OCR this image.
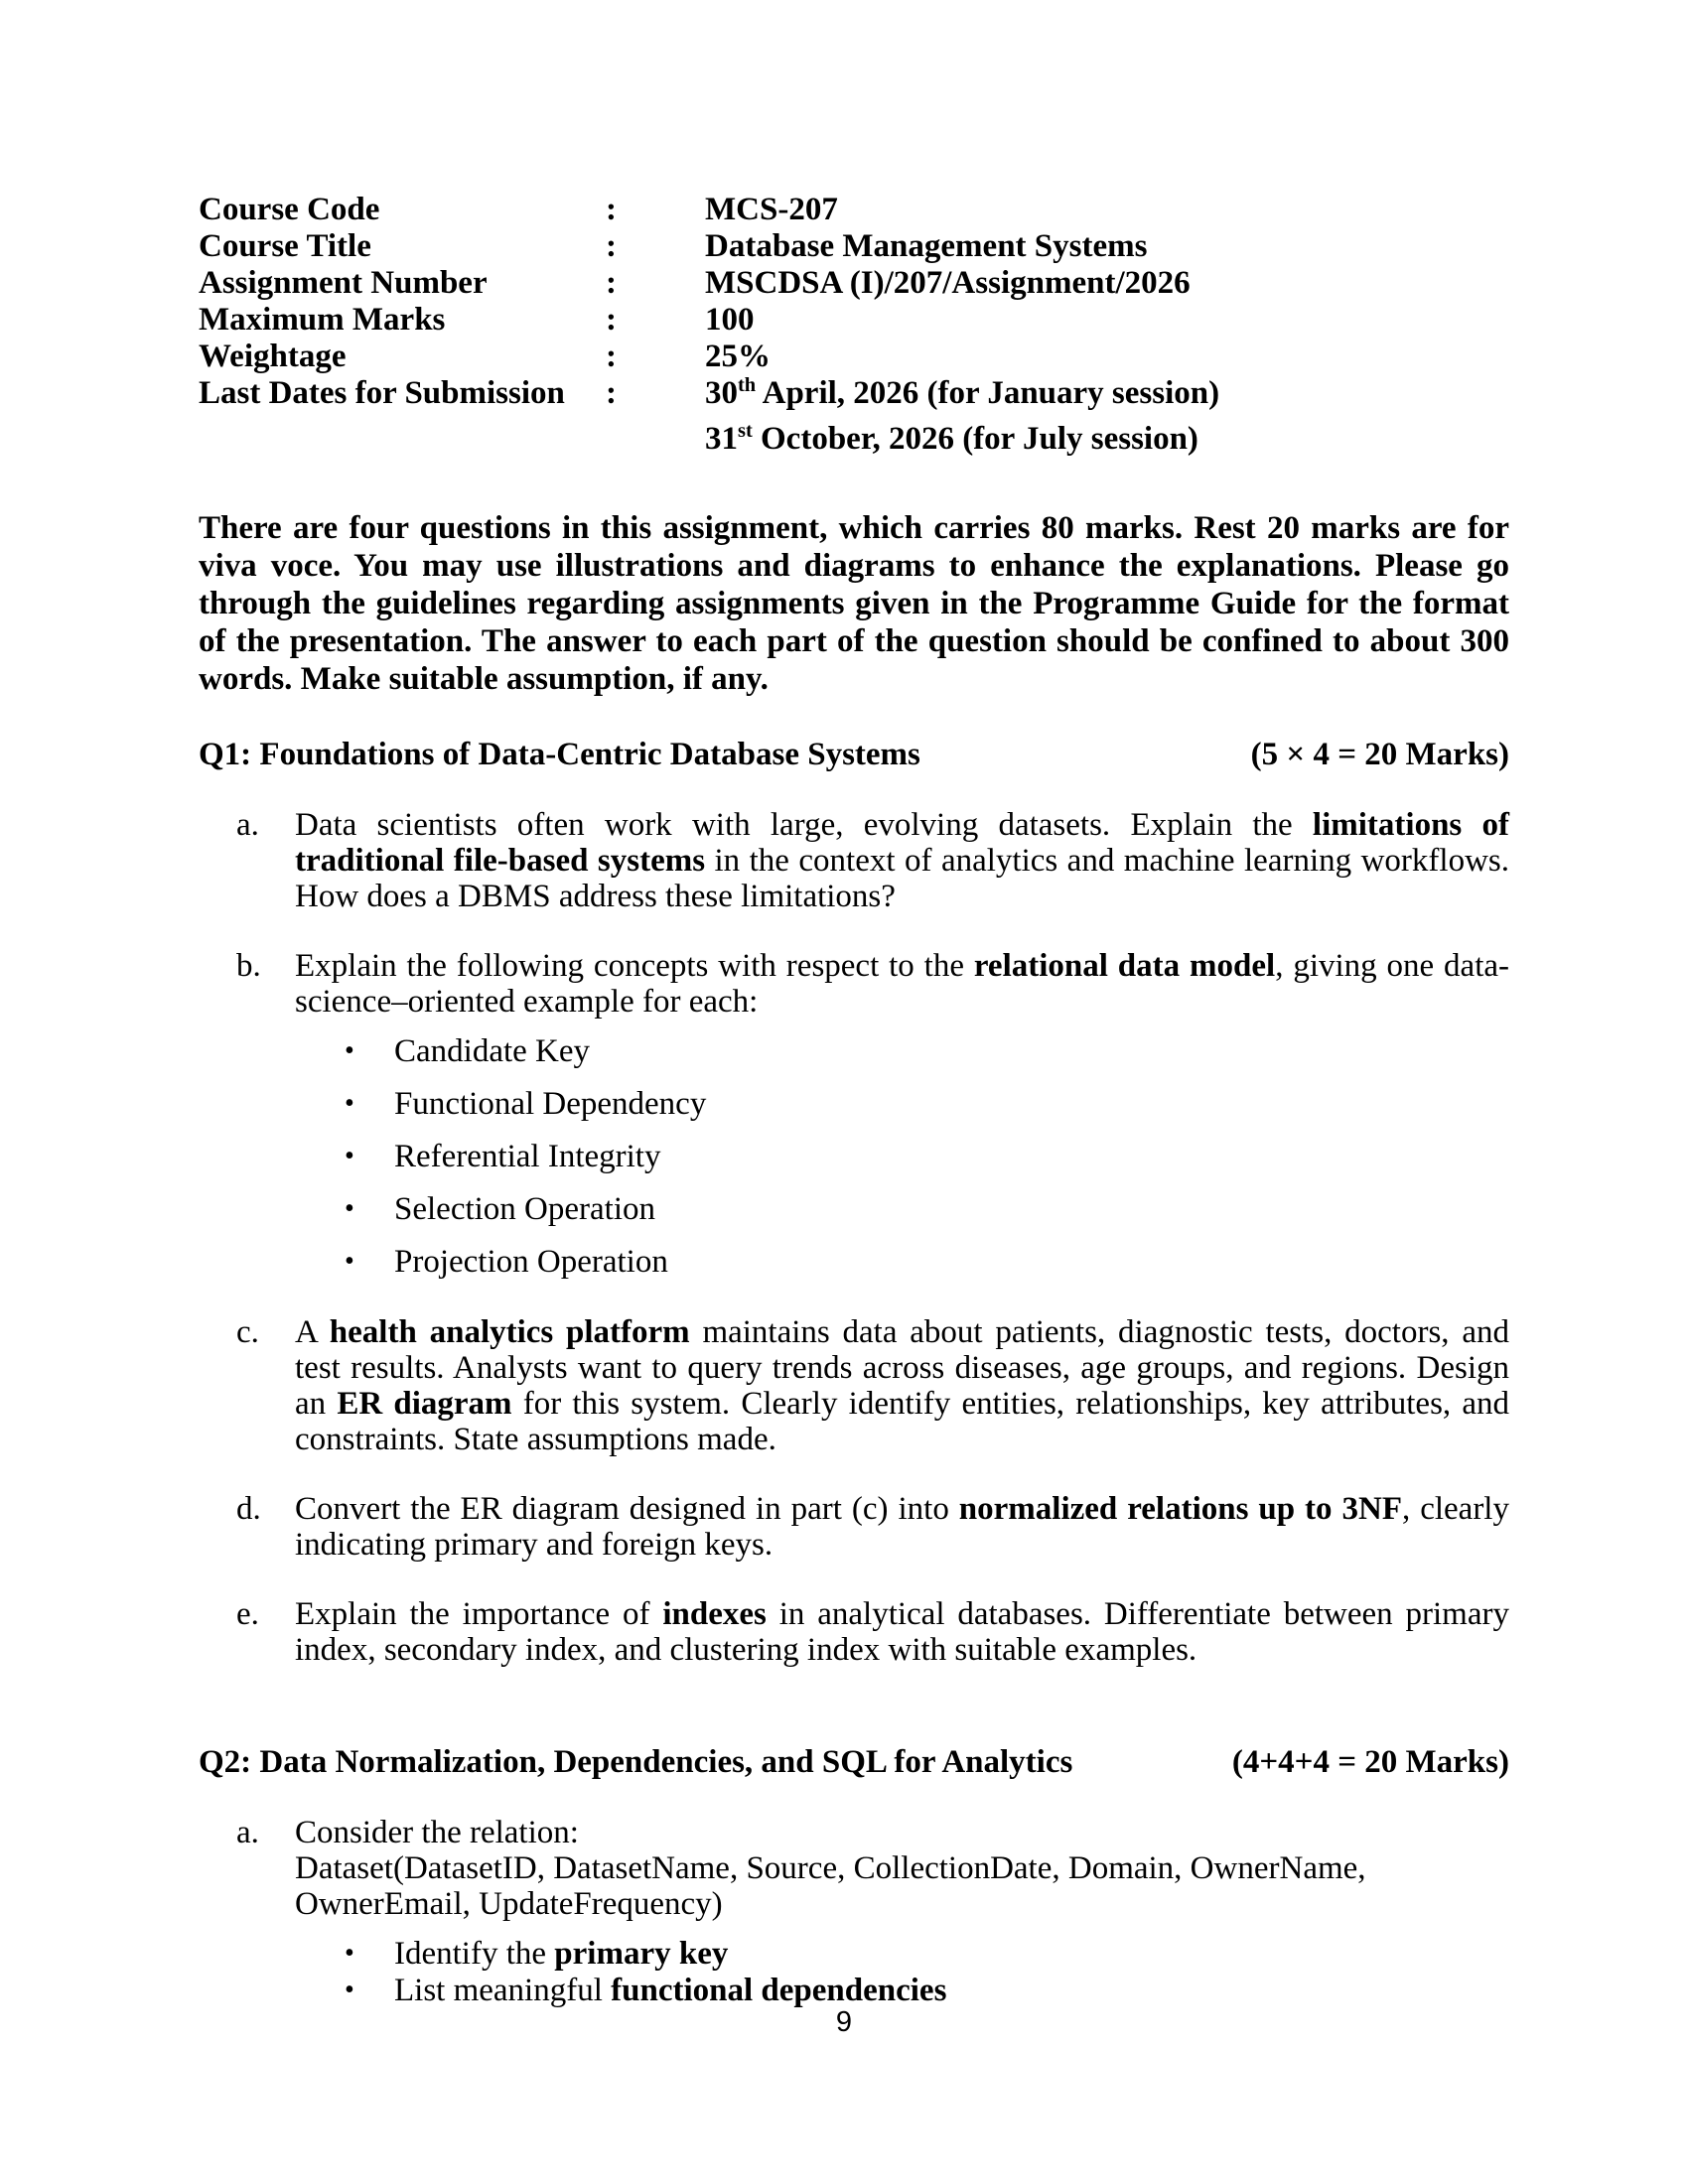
Course Code	:	MCS-207
Course Title	:	Database Management Systems
Assignment Number	:	MSCDSA (I)/207/Assignment/2026
Maximum Marks	:	100
Weightage	:	25%
Last Dates for Submission :	30th April, 2026 (for January session)
31st October, 2026 (for July session)

There are four questions in this assignment, which carries 80 marks. Rest 20 marks are for viva voce. You may use illustrations and diagrams to enhance the explanations. Please go through the guidelines regarding assignments given in the Programme Guide for the format of the presentation. The answer to each part of the question should be confined to about 300 words. Make suitable assumption, if any.

Q1: Foundations of Data-Centric Database Systems	(5 × 4 = 20 Marks)
a. Data scientists often work with large, evolving datasets. Explain the limitations of traditional file-based systems in the context of analytics and machine learning workflows. How does a DBMS address these limitations?

b. Explain the following concepts with respect to the relational data model, giving one data-science–oriented example for each:

• Candidate Key
• Functional Dependency
• Referential Integrity
• Selection Operation
• Projection Operation
c. A health analytics platform maintains data about patients, diagnostic tests, doctors, and test results. Analysts want to query trends across diseases, age groups, and regions. Design an ER diagram for this system. Clearly identify entities, relationships, key attributes, and constraints. State assumptions made.

d. Convert the ER diagram designed in part (c) into normalized relations up to 3NF, clearly indicating primary and foreign keys.

e. Explain the importance of indexes in analytical databases. Differentiate between primary index, secondary index, and clustering index with suitable examples.

Q2: Data Normalization, Dependencies, and SQL for Analytics	(4+4+4 = 20 Marks)
a. Consider the relation:

Dataset(DatasetID, DatasetName, Source, CollectionDate, Domain, OwnerName, OwnerEmail, UpdateFrequency)

• Identify the primary key
• List meaningful functional dependencies
9
